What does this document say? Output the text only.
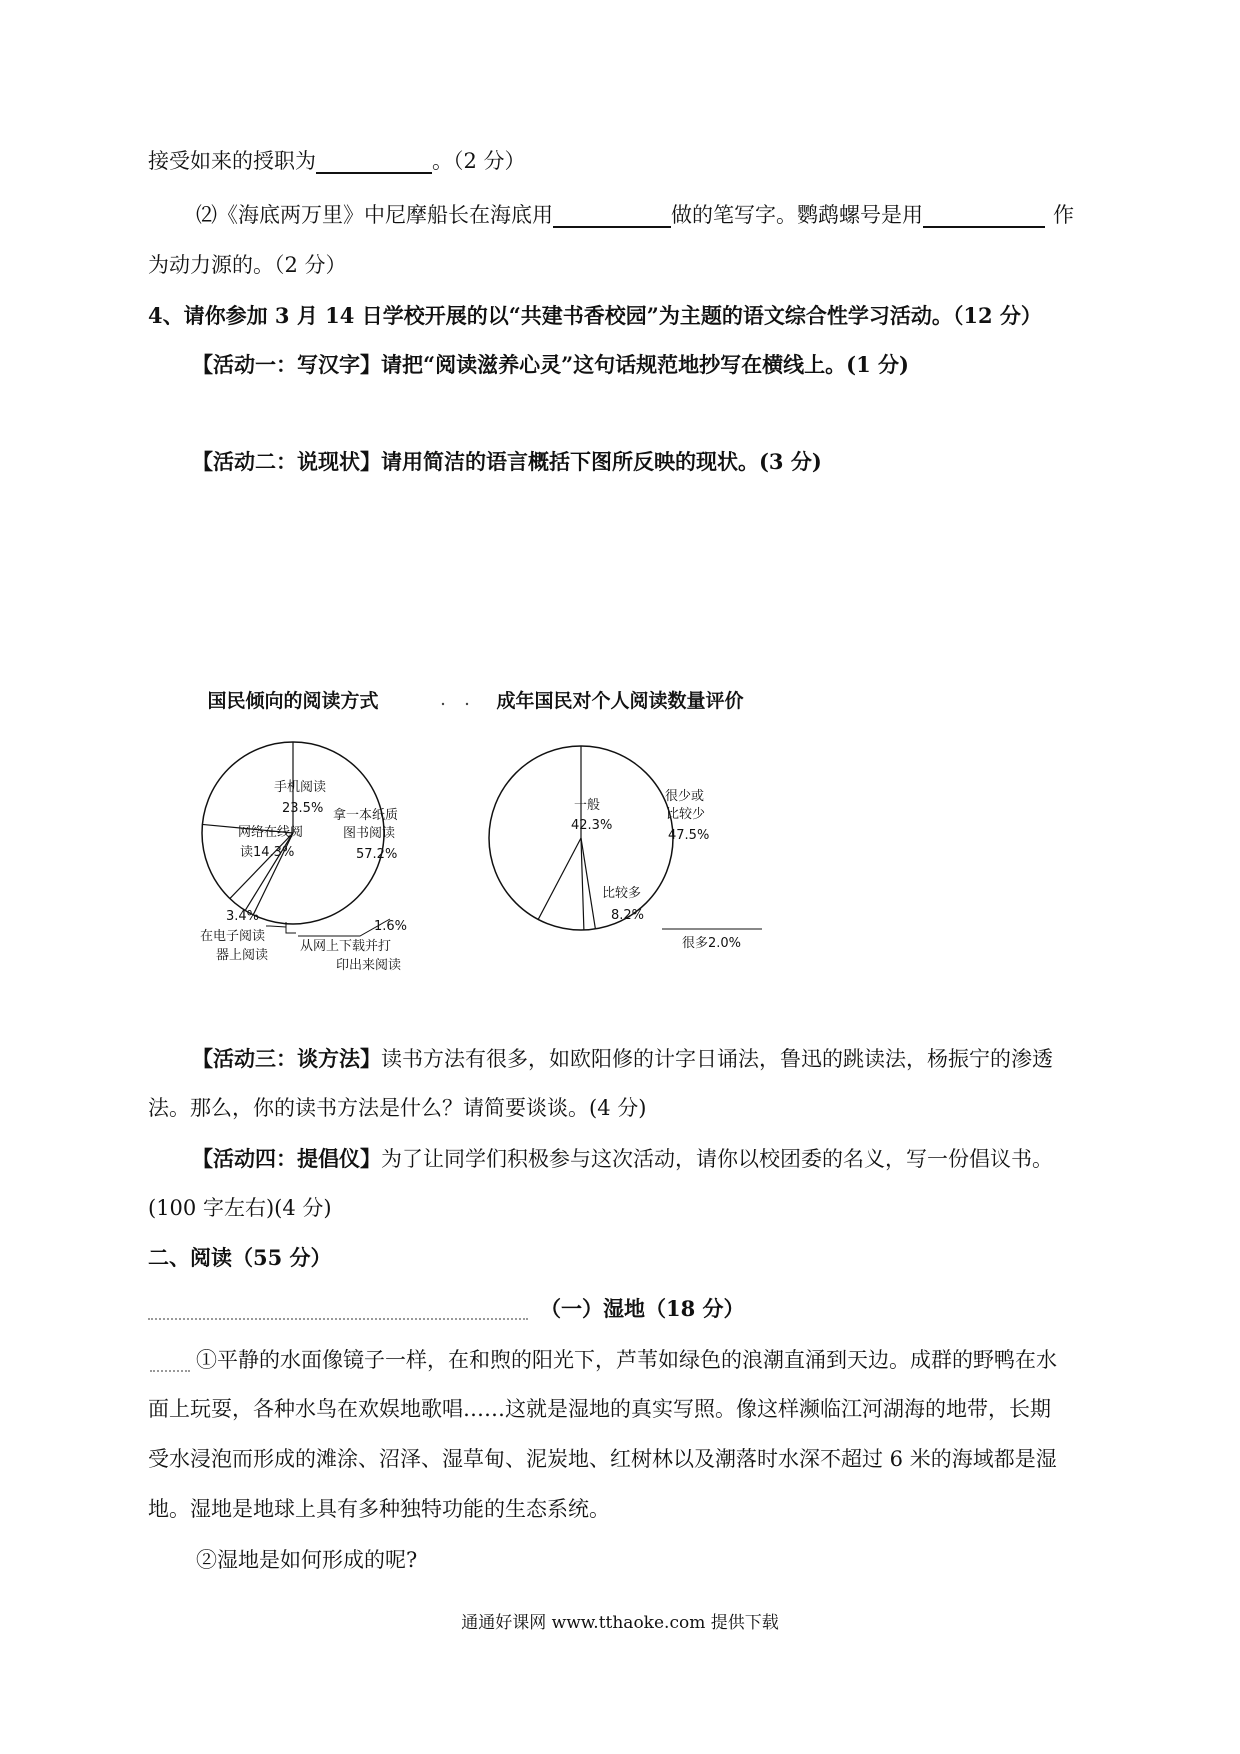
接受如来的授职为	。（2 分）
⑵《海底两万里》中尼摩船长在海底用	做的笔写字。鹦鹉螺号是用	作
为动力源的。（2 分）
4、请你参加 3 月 14 日学校开展的以“共建书香校园”为主题的语文综合性学习活动。（12 分）
【活动一：写汉字】请把“阅读滋养心灵”这句话规范地抄写在横线上。(1 分)
【活动二：说现状】请用简洁的语言概括下图所反映的现状。(3 分)
国民倾向的阅读方式
手机阅读
23.5% 拿一本纸质
图书阅读
57.2%
网络在线阅
读14.3%
3.4%
在电子阅读
器上阅读
1.6%
从网上下载并打
印出来阅读
成年国民对个人阅读数量评价
一般
42.3%
很少或
比较少
47.5%
比较多
8.2%
很多2.0%
【活动三：谈方法】读书方法有很多，如欧阳修的计字日诵法，鲁迅的跳读法，杨振宁的渗透
法。那么，你的读书方法是什么？请简要谈谈。(4 分)
【活动四：提倡仪】为了让同学们积极参与这次活动，请你以校团委的名义，写一份倡议书。
(100 字左右)(4 分)
二、阅读（55 分）
（一）湿地（18 分）
①平静的水面像镜子一样，在和煦的阳光下，芦苇如绿色的浪潮直涌到天边。成群的野鸭在水
面上玩耍，各种水鸟在欢娱地歌唱……这就是湿地的真实写照。像这样濒临江河湖海的地带，长期
受水浸泡而形成的滩涂、沼泽、湿草甸、泥炭地、红树林以及潮落时水深不超过 6 米的海域都是湿
地。湿地是地球上具有多种独特功能的生态系统。
②湿地是如何形成的呢?
通通好课网 www.tthaoke.com 提供下载
